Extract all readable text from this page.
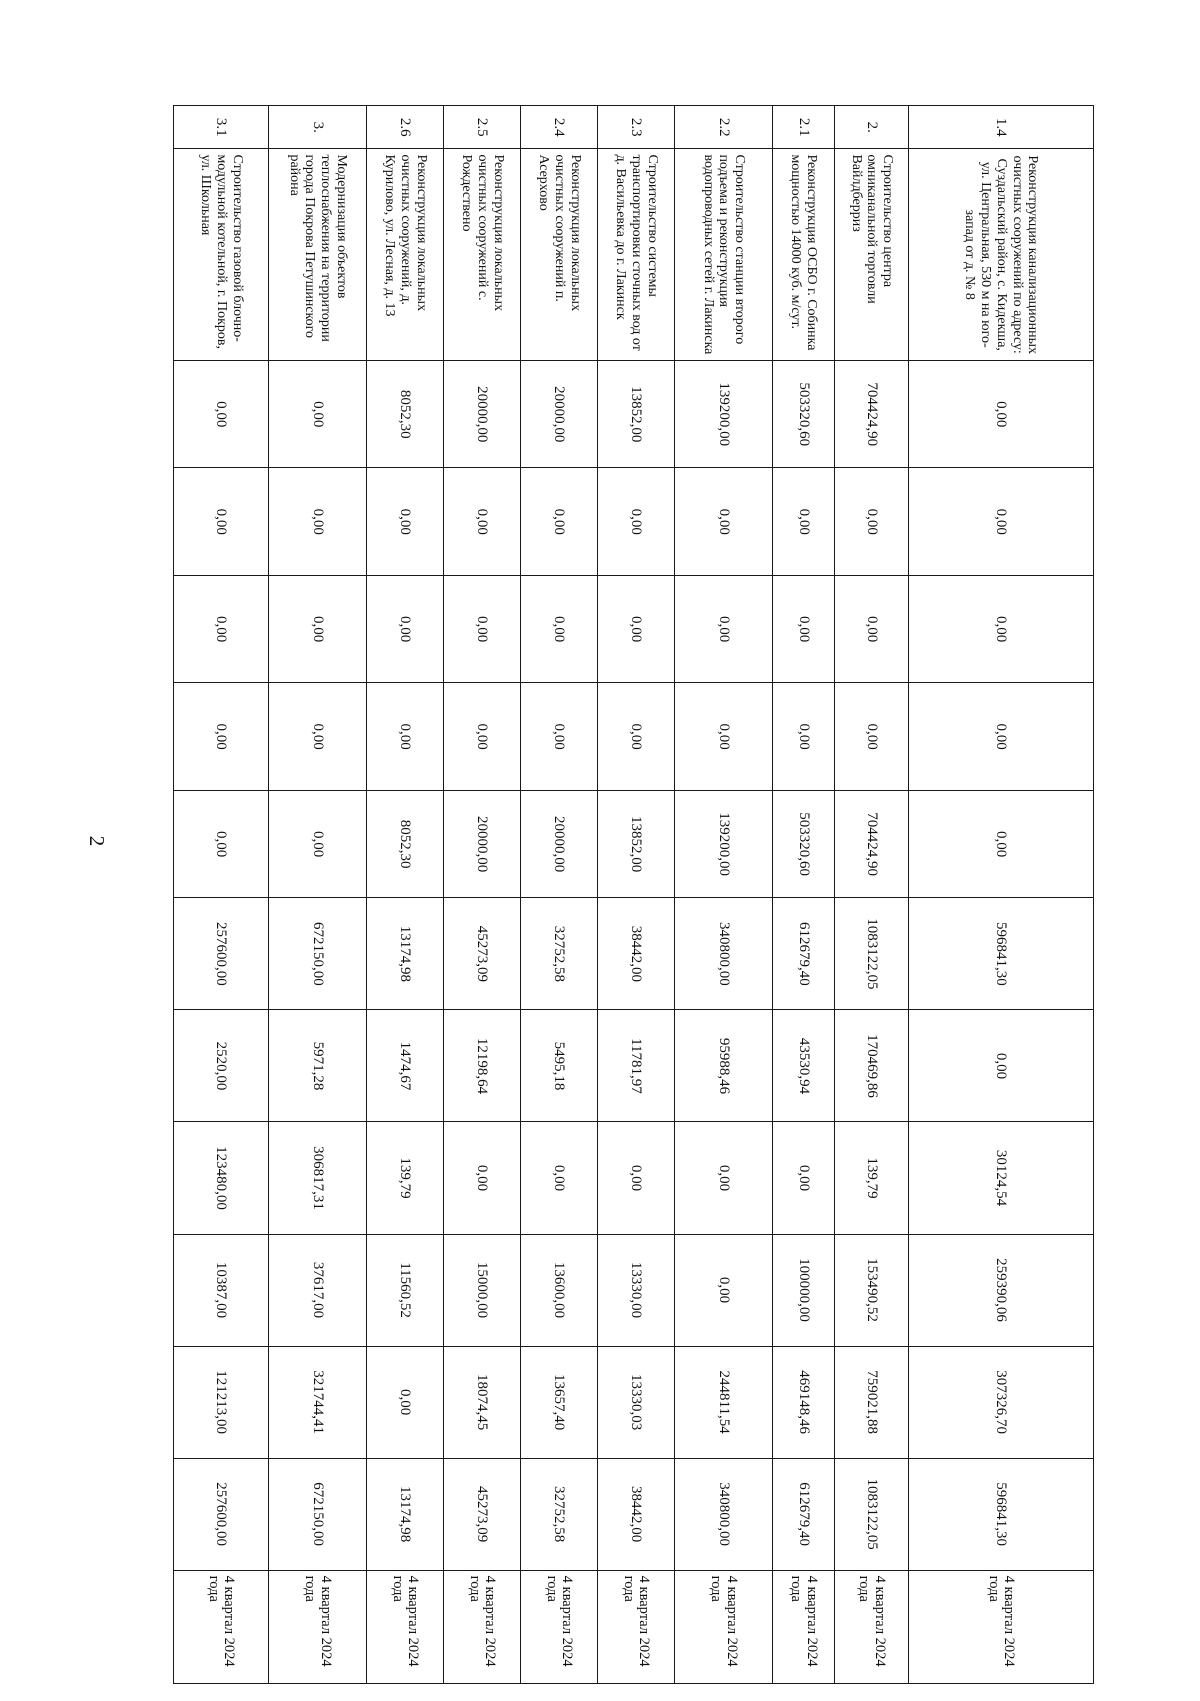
2
1.4	Реконструкция канализационных очистных сооружений по адресу: Суздальский район, с. Кидекша, ул. Центральная, 530 м на юго-запад от д. № 8	0,00	0,00	0,00	0,00	0,00	596841,30	0,00	30124,54	259390,06	307326,70	596841,30	4 квартал 2024 года
2.	Строительство центра омниканальной торговли Вайлдберриз	704424,90	0,00	0,00	0,00	704424,90	1083122,05	170469,86	139,79	153490,52	759021,88	1083122,05	4 квартал 2024 года
2.1	Реконструкция ОСБО г. Собинка мощностью 14000 куб. м/сут.	503320,60	0,00	0,00	0,00	503320,60	612679,40	43530,94	0,00	100000,00	469148,46	612679,40	4 квартал 2024 года
2.2	Строительство станции второго подъема и реконструкция водопроводных сетей г. Лакинска	139200,00	0,00	0,00	0,00	139200,00	340800,00	95988,46	0,00	0,00	244811,54	340800,00	4 квартал 2024 года
2.3	Строительство системы транспортировки сточных вод от д. Васильевка до г. Лакинск	13852,00	0,00	0,00	0,00	13852,00	38442,00	11781,97	0,00	13330,00	13330,03	38442,00	4 квартал 2024 года
2.4	Реконструкция локальных очистных сооружений п. Асерхово	20000,00	0,00	0,00	0,00	20000,00	32752,58	5495,18	0,00	13600,00	13657,40	32752,58	4 квартал 2024 года
2.5	Реконструкция локальных очистных сооружений с. Рождествено	20000,00	0,00	0,00	0,00	20000,00	45273,09	12198,64	0,00	15000,00	18074,45	45273,09	4 квартал 2024 года
2.6	Реконструкция локальных очистных сооружений, д. Курилово, ул. Лесная, д. 13	8052,30	0,00	0,00	0,00	8052,30	13174,98	1474,67	139,79	11560,52	0,00	13174,98	4 квартал 2024 года
3.	Модернизация объектов теплоснабжения на территории города Покрова Петушинского района	0,00	0,00	0,00	0,00	0,00	672150,00	5971,28	306817,31	37617,00	321744,41	672150,00	4 квартал 2024 года
3.1	Строительство газовой блочно-модульной котельной, г. Покров, ул. Школьная	0,00	0,00	0,00	0,00	0,00	257600,00	2520,00	123480,00	10387,00	121213,00	257600,00	4 квартал 2024 года
